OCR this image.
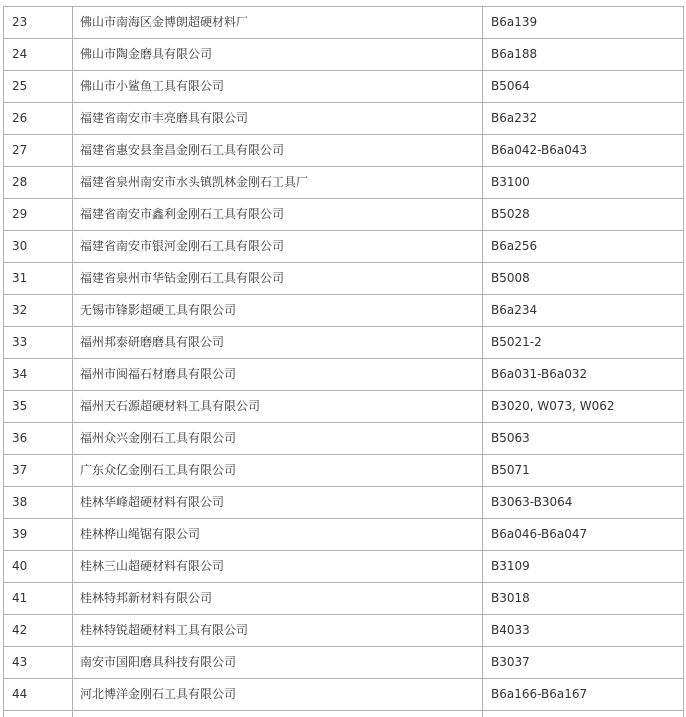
23	佛山市南海区金博朗超硬材料厂	B6a139
24	佛山市陶金磨具有限公司	B6a188
25	佛山市小鲨鱼工具有限公司	B5064
26	福建省南安市丰亮磨具有限公司	B6a232
27	福建省惠安县奎昌金刚石工具有限公司	B6a042-B6a043
28	福建省泉州南安市水头镇凯林金刚石工具厂	B3100
29	福建省南安市鑫利金刚石工具有限公司	B5028
30	福建省南安市银河金刚石工具有限公司	B6a256
31	福建省泉州市华钻金刚石工具有限公司	B5008
32	无锡市锋影超硬工具有限公司	B6a234
33	福州邦泰研磨磨具有限公司	B5021-2
34	福州市闽福石材磨具有限公司	B6a031-B6a032
35	福州天石源超硬材料工具有限公司	B3020, W073, W062
36	福州众兴金刚石工具有限公司	B5063
37	广东众亿金刚石工具有限公司	B5071
38	桂林华峰超硬材料有限公司	B3063-B3064
39	桂林桦山绳锯有限公司	B6a046-B6a047
40	桂林三山超硬材料有限公司	B3109
41	桂林特邦新材料有限公司	B3018
42	桂林特锐超硬材料工具有限公司	B4033
43	南安市国阳磨具科技有限公司	B3037
44	河北博洋金刚石工具有限公司	B6a166-B6a167
